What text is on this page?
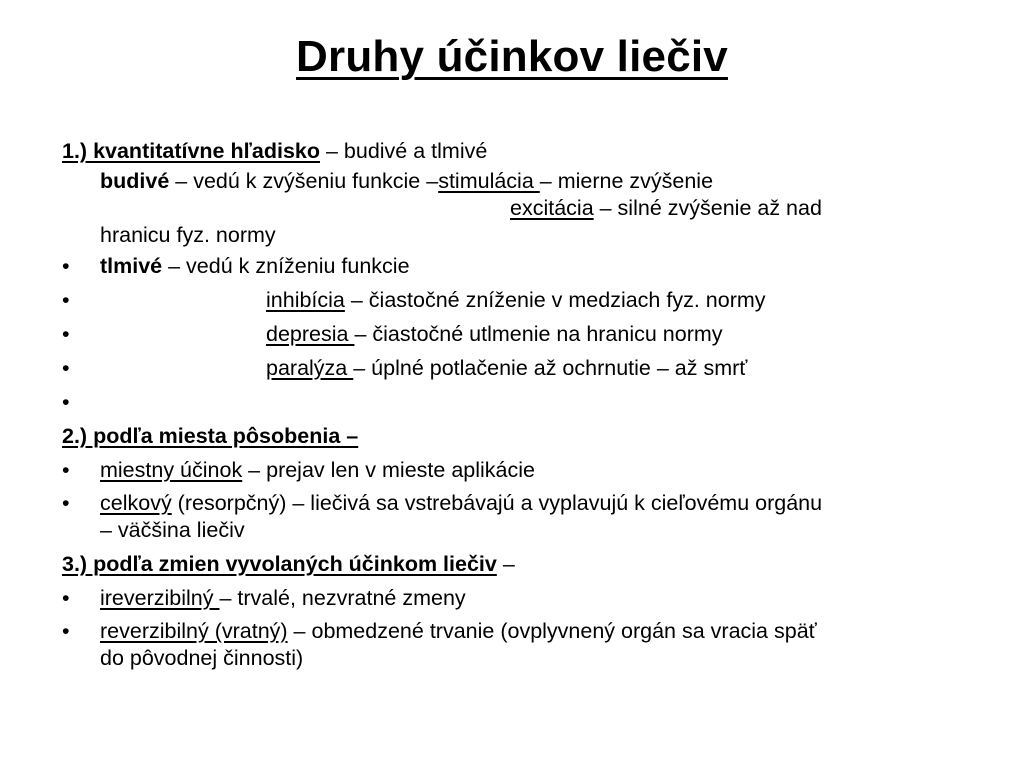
Druhy účinkov liečiv
1.) kvantitatívne hľadisko – budivé a tlmivé
budivé – vedú k zvýšeniu funkcie –stimulácia – mierne zvýšenie
excitácia – silné zvýšenie až nad
hranicu fyz. normy
•	tlmivé – vedú k zníženiu funkcie
•	inhibícia – čiastočné zníženie v medziach fyz. normy
•	depresia – čiastočné utlmenie na hranicu normy
•	paralýza – úplné potlačenie až ochrnutie – až smrť
•
2.) podľa miesta pôsobenia –
•	miestny účinok – prejav len v mieste aplikácie
•	celkový (resorpčný) – liečivá sa vstrebávajú a vyplavujú k cieľovému orgánu
– väčšina liečiv
3.) podľa zmien vyvolaných účinkom liečiv –
•	ireverzibilný – trvalé, nezvratné zmeny
•	reverzibilný (vratný) – obmedzené trvanie (ovplyvnený orgán sa vracia späť
do pôvodnej činnosti)
